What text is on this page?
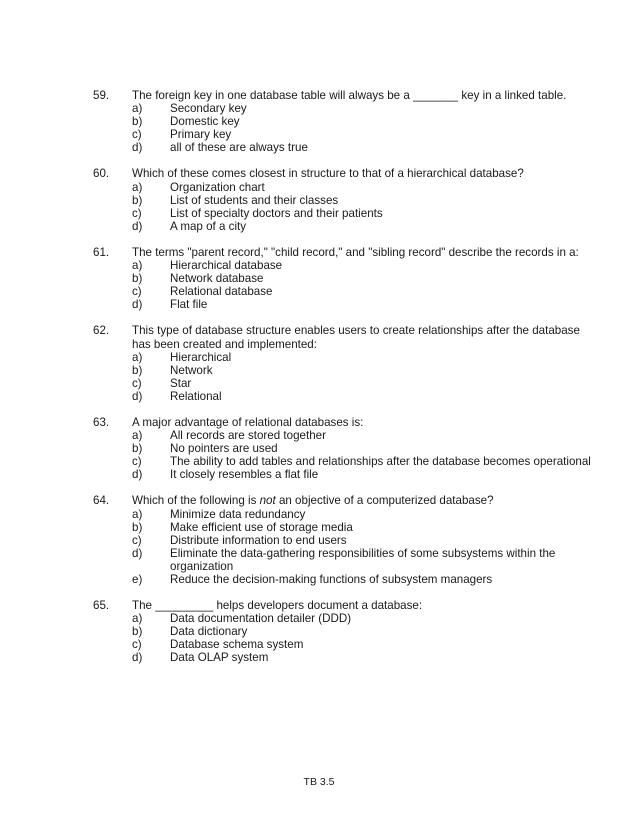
59.	The foreign key in one database table will always be a _______ key in a linked table.
a)	Secondary key
b)	Domestic key
c)	Primary key
d)	all of these are always true
60.	Which of these comes closest in structure to that of a hierarchical database?
a)	Organization chart
b)	List of students and their classes
c)	List of specialty doctors and their patients
d)	A map of a city
61.	The terms "parent record," "child record," and "sibling record" describe the records in a:
a)	Hierarchical database
b)	Network database
c)	Relational database
d)	Flat file
62.	This type of database structure enables users to create relationships after the database has been created and implemented:
a)	Hierarchical
b)	Network
c)	Star
d)	Relational
63.	A major advantage of relational databases is:
a)	All records are stored together
b)	No pointers are used
c)	The ability to add tables and relationships after the database becomes operational
d)	It closely resembles a flat file
64.	Which of the following is not an objective of a computerized database?
a)	Minimize data redundancy
b)	Make efficient use of storage media
c)	Distribute information to end users
d)	Eliminate the data-gathering responsibilities of some subsystems within the organization
e)	Reduce the decision-making functions of subsystem managers
65.	The _________ helps developers document a database:
a)	Data documentation detailer (DDD)
b)	Data dictionary
c)	Database schema system
d)	Data OLAP system
TB 3.5
